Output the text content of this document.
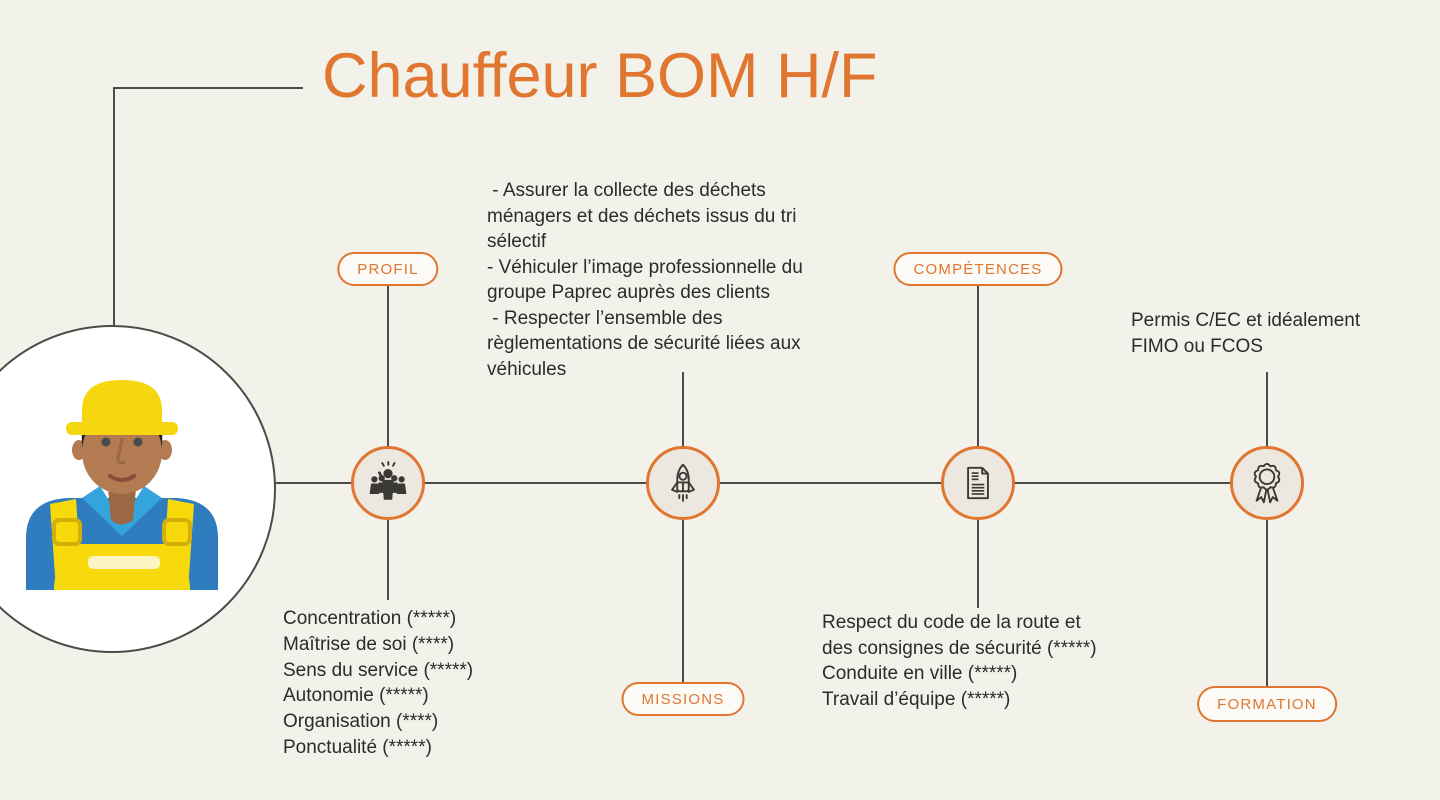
Chauffeur BOM H/F
PROFIL	COMPÉTENCES
MISSIONS	FORMATION
- Assurer la collecte des déchets
ménagers et des déchets issus du tri
sélectif
- Véhiculer l’image professionnelle du
groupe Paprec auprès des clients
- Respecter l’ensemble des
règlementations de sécurité liées aux
véhicules
Concentration (*****)
Maîtrise de soi (****)
Sens du service (*****)
Autonomie (*****)
Organisation (****)
Ponctualité (*****)
Respect du code de la route et
des consignes de sécurité (*****)
Conduite en ville (*****)
Travail d’équipe (*****)
Permis C/EC et idéalement
FIMO ou FCOS
